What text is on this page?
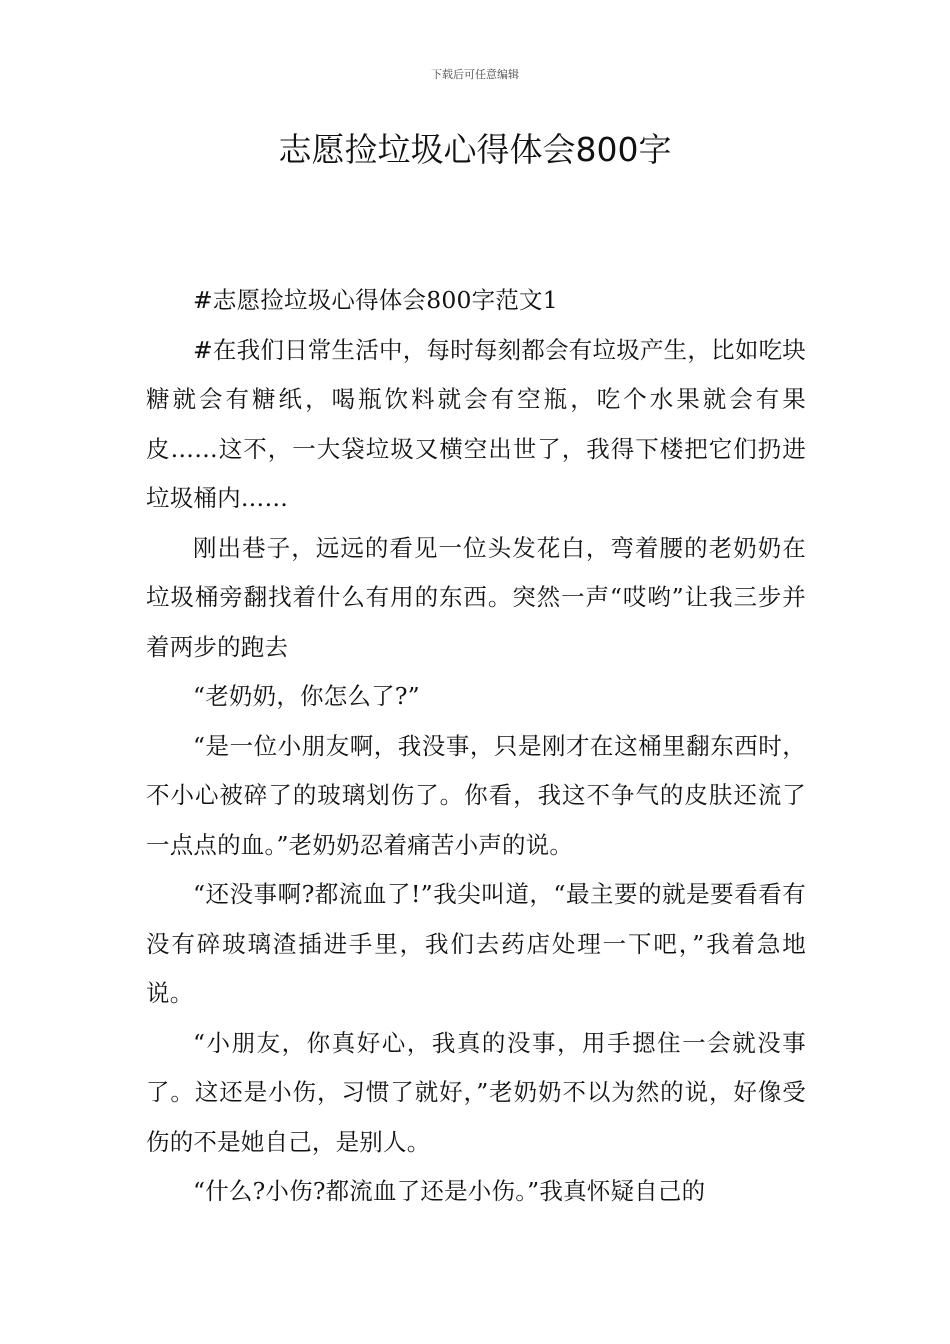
下载后可任意编辑
志愿捡垃圾心得体会800字

#志愿捡垃圾心得体会800字范文1

#在我们日常生活中，每时每刻都会有垃圾产生，比如吃块糖就会有糖纸，喝瓶饮料就会有空瓶，吃个水果就会有果皮……这不，一大袋垃圾又横空出世了，我得下楼把它们扔进垃圾桶内……

刚出巷子，远远的看见一位头发花白，弯着腰的老奶奶在垃圾桶旁翻找着什么有用的东西。突然一声“哎哟”让我三步并着两步的跑去

“老奶奶，你怎么了?”

“是一位小朋友啊，我没事，只是刚才在这桶里翻东西时，不小心被碎了的玻璃划伤了。你看，我这不争气的皮肤还流了一点点的血。”老奶奶忍着痛苦小声的说。

“还没事啊?都流血了!”我尖叫道，“最主要的就是要看看有没有碎玻璃渣插进手里，我们去药店处理一下吧，”我着急地说。

“小朋友，你真好心，我真的没事，用手摁住一会就没事了。这还是小伤，习惯了就好，”老奶奶不以为然的说，好像受伤的不是她自己，是别人。

“什么?小伤?都流血了还是小伤。”我真怀疑自己的
